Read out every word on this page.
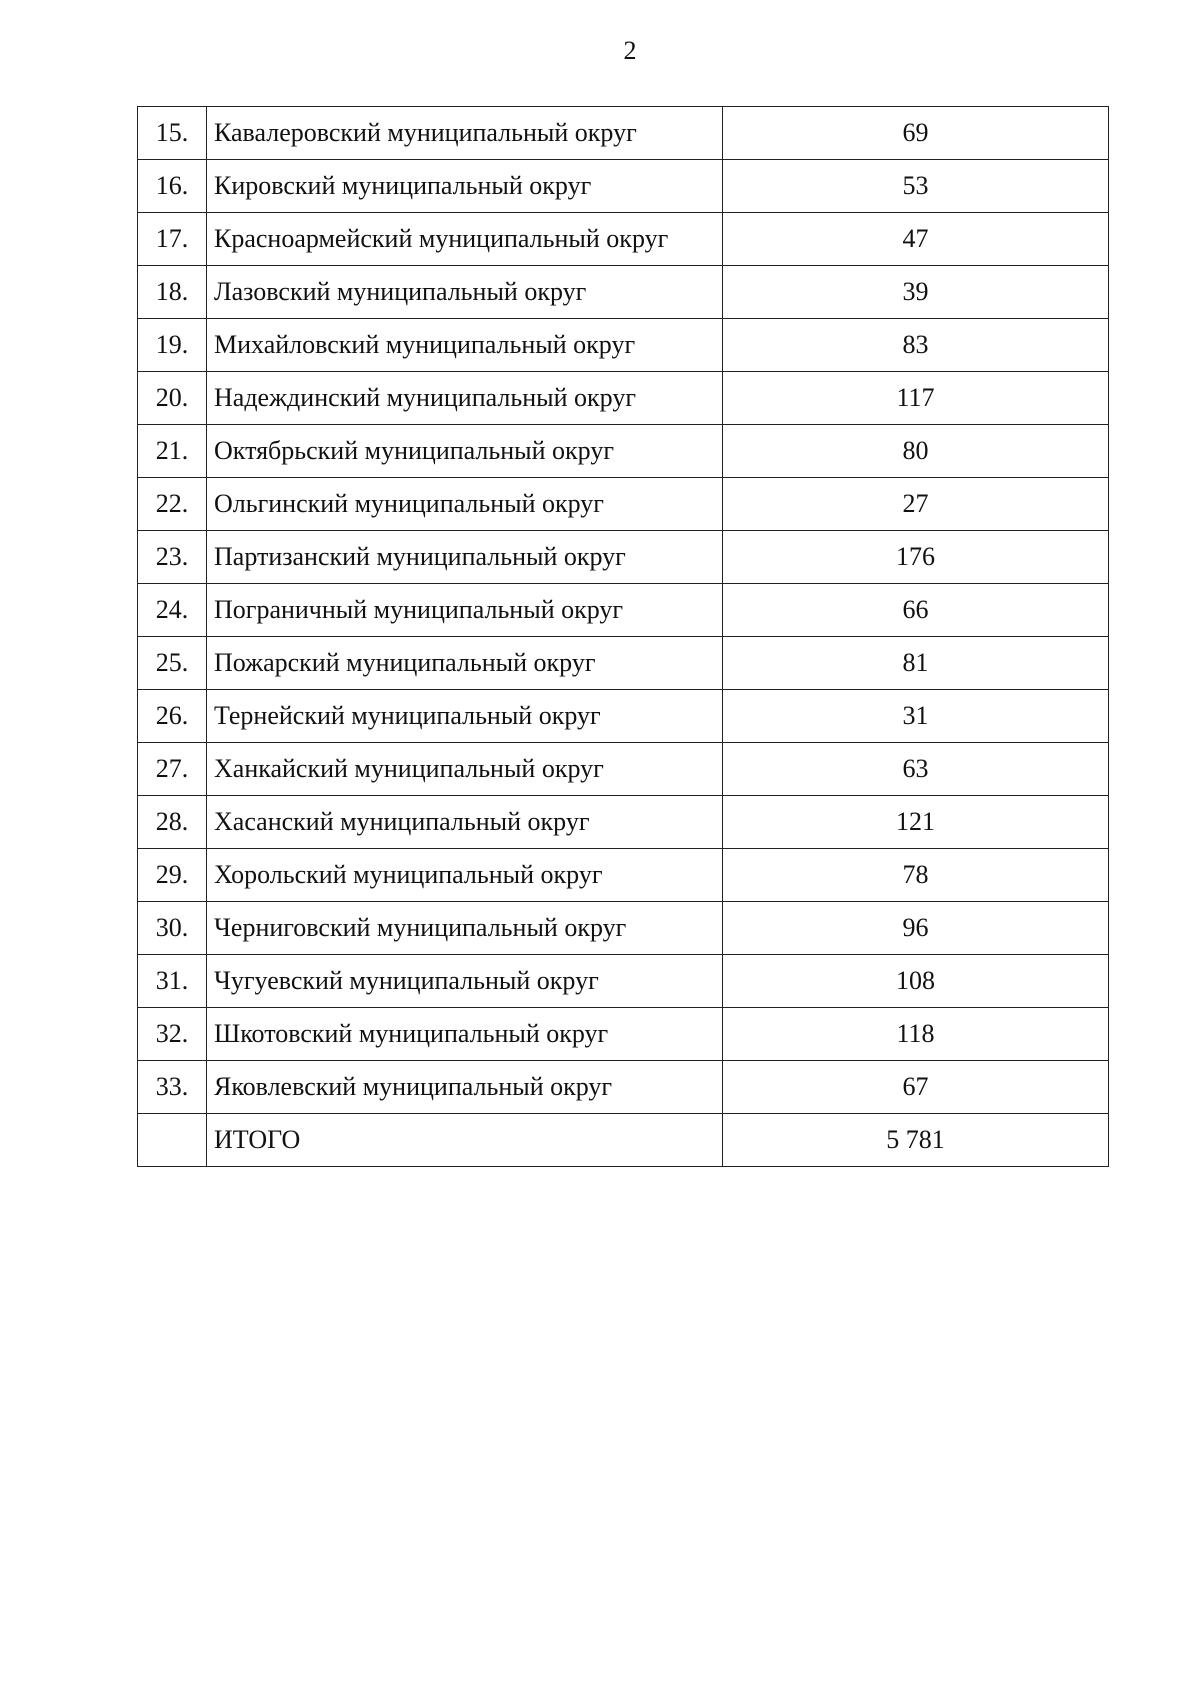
2
15.	Кавалеровский муниципальный округ	69
16.	Кировский муниципальный округ	53
17.	Красноармейский муниципальный округ	47
18.	Лазовский муниципальный округ	39
19.	Михайловский муниципальный округ	83
20.	Надеждинский муниципальный округ	117
21.	Октябрьский муниципальный округ	80
22.	Ольгинский муниципальный округ	27
23.	Партизанский муниципальный округ	176
24.	Пограничный муниципальный округ	66
25.	Пожарский муниципальный округ	81
26.	Тернейский муниципальный округ	31
27.	Ханкайский муниципальный округ	63
28.	Хасанский муниципальный округ	121
29.	Хорольский муниципальный округ	78
30.	Черниговский муниципальный округ	96
31.	Чугуевский муниципальный округ	108
32.	Шкотовский муниципальный округ	118
33.	Яковлевский муниципальный округ	67
	ИТОГО	5 781
